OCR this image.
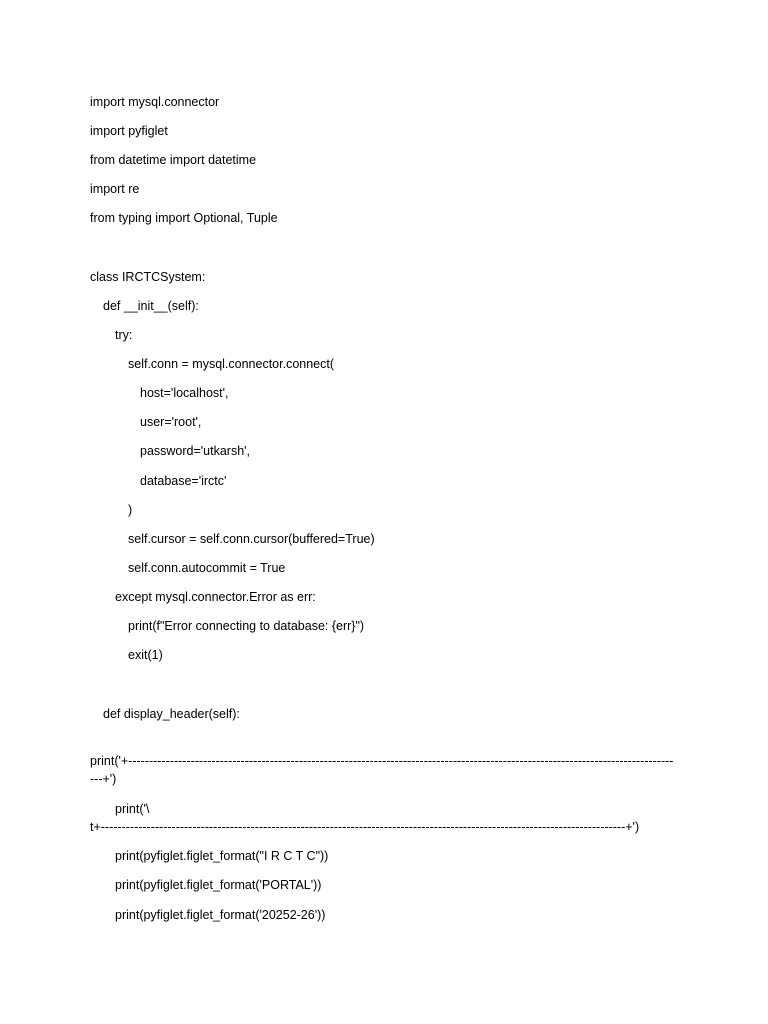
import mysql.connector

import pyfiglet

from datetime import datetime

import re

from typing import Optional, Tuple

class IRCTCSystem:

def __init__(self):

try:

self.conn = mysql.connector.connect(

host='localhost',

user='root',

password='utkarsh',

database='irctc'

)

self.cursor = self.conn.cursor(buffered=True)

self.conn.autocommit = True

except mysql.connector.Error as err:

print(f"Error connecting to database: {err}")

exit(1)

def display_header(self):

print('+-----------------------------------------------------------------------------------------------------------------------------------

---+')

print('\

t+------------------------------------------------------------------------------------------------------------------------------+')

print(pyfiglet.figlet_format("I R C T C"))

print(pyfiglet.figlet_format('PORTAL'))

print(pyfiglet.figlet_format('20252-26'))
